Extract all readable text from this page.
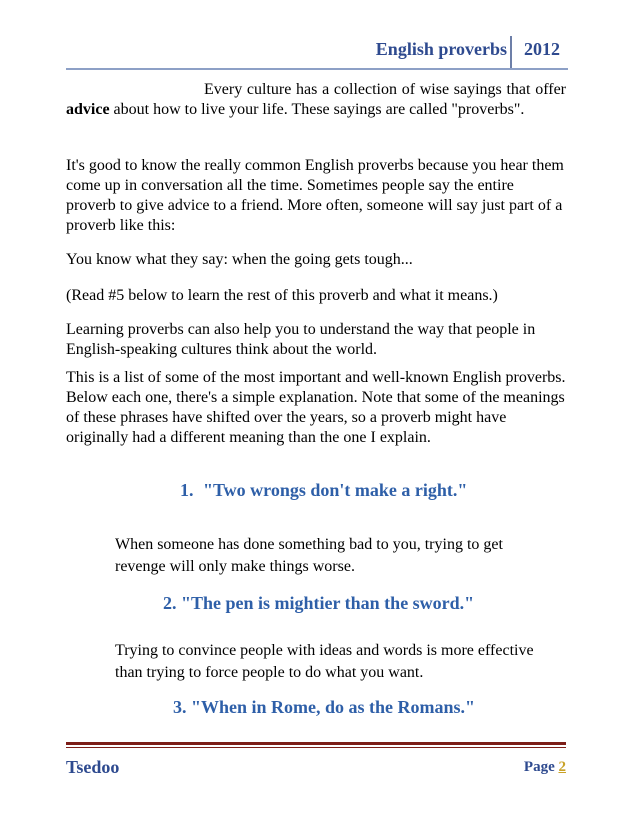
English proverbs 2012

Every culture has a collection of wise sayings that offer advice about how to live your life. These sayings are called "proverbs".

It's good to know the really common English proverbs because you hear them come up in conversation all the time. Sometimes people say the entire proverb to give advice to a friend. More often, someone will say just part of a proverb like this:

You know what they say: when the going gets tough...

(Read #5 below to learn the rest of this proverb and what it means.)

Learning proverbs can also help you to understand the way that people in English-speaking cultures think about the world.

This is a list of some of the most important and well-known English proverbs. Below each one, there's a simple explanation. Note that some of the meanings of these phrases have shifted over the years, so a proverb might have originally had a different meaning than the one I explain.

1. "Two wrongs don't make a right."

When someone has done something bad to you, trying to get revenge will only make things worse.

2. "The pen is mightier than the sword."

Trying to convince people with ideas and words is more effective than trying to force people to do what you want.

3. "When in Rome, do as the Romans."
Tsedoo	Page 2
